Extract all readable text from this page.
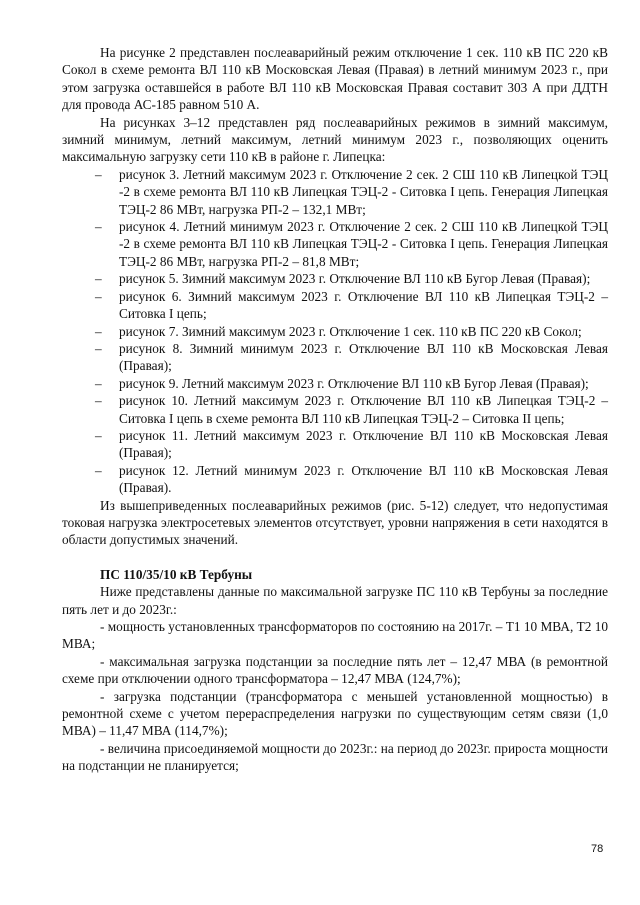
На рисунке 2 представлен послеаварийный режим отключение 1 сек. 110 кВ ПС 220 кВ Сокол в схеме ремонта ВЛ 110 кВ Московская Левая (Правая) в летний минимум 2023 г., при этом загрузка оставшейся в работе ВЛ 110 кВ Московская Правая составит 303 А при ДДТН для провода АС-185 равном 510 А.

На рисунках 3–12 представлен ряд послеаварийных режимов в зимний максимум, зимний минимум, летний максимум, летний минимум 2023 г., позволяющих оценить максимальную загрузку сети 110 кВ в районе г. Липецка:

– рисунок 3. Летний максимум 2023 г. Отключение 2 сек. 2 СШ 110 кВ Липецкой ТЭЦ -2 в схеме ремонта ВЛ 110 кВ Липецкая ТЭЦ-2 - Ситовка I цепь. Генерация Липецкая ТЭЦ-2 86 МВт, нагрузка РП-2 – 132,1 МВт;
– рисунок 4. Летний минимум 2023 г. Отключение 2 сек. 2 СШ 110 кВ Липецкой ТЭЦ -2 в схеме ремонта ВЛ 110 кВ Липецкая ТЭЦ-2 - Ситовка I цепь. Генерация Липецкая ТЭЦ-2 86 МВт, нагрузка РП-2 – 81,8 МВт;
– рисунок 5. Зимний максимум 2023 г. Отключение ВЛ 110 кВ Бугор Левая (Правая);
– рисунок 6. Зимний максимум 2023 г. Отключение ВЛ 110 кВ Липецкая ТЭЦ-2 – Ситовка I цепь;
– рисунок 7. Зимний максимум 2023 г. Отключение 1 сек. 110 кВ ПС 220 кВ Сокол;
– рисунок 8. Зимний минимум 2023 г. Отключение ВЛ 110 кВ Московская Левая (Правая);
– рисунок 9. Летний максимум 2023 г. Отключение ВЛ 110 кВ Бугор Левая (Правая);
– рисунок 10. Летний максимум 2023 г. Отключение ВЛ 110 кВ Липецкая ТЭЦ-2 – Ситовка I цепь в схеме ремонта ВЛ 110 кВ Липецкая ТЭЦ-2 – Ситовка II цепь;
– рисунок 11. Летний максимум 2023 г. Отключение ВЛ 110 кВ Московская Левая (Правая);
– рисунок 12. Летний минимум 2023 г. Отключение ВЛ 110 кВ Московская Левая (Правая).

Из вышеприведенных послеаварийных режимов (рис. 5-12) следует, что недопустимая токовая нагрузка электросетевых элементов отсутствует, уровни напряжения в сети находятся в области допустимых значений.

ПС 110/35/10 кВ Тербуны

Ниже представлены данные по максимальной загрузке ПС 110 кВ Тербуны за последние пять лет и до 2023г.:

- мощность установленных трансформаторов по состоянию на 2017г. – Т1 10 МВА, Т2 10 МВА;

- максимальная загрузка подстанции за последние пять лет – 12,47 МВА (в ремонтной схеме при отключении одного трансформатора – 12,47 МВА (124,7%);

- загрузка подстанции (трансформатора с меньшей установленной мощностью) в ремонтной схеме с учетом перераспределения нагрузки по существующим сетям связи (1,0 МВА) – 11,47 МВА (114,7%);

- величина присоединяемой мощности до 2023г.: на период до 2023г. прироста мощности на подстанции не планируется;

78
